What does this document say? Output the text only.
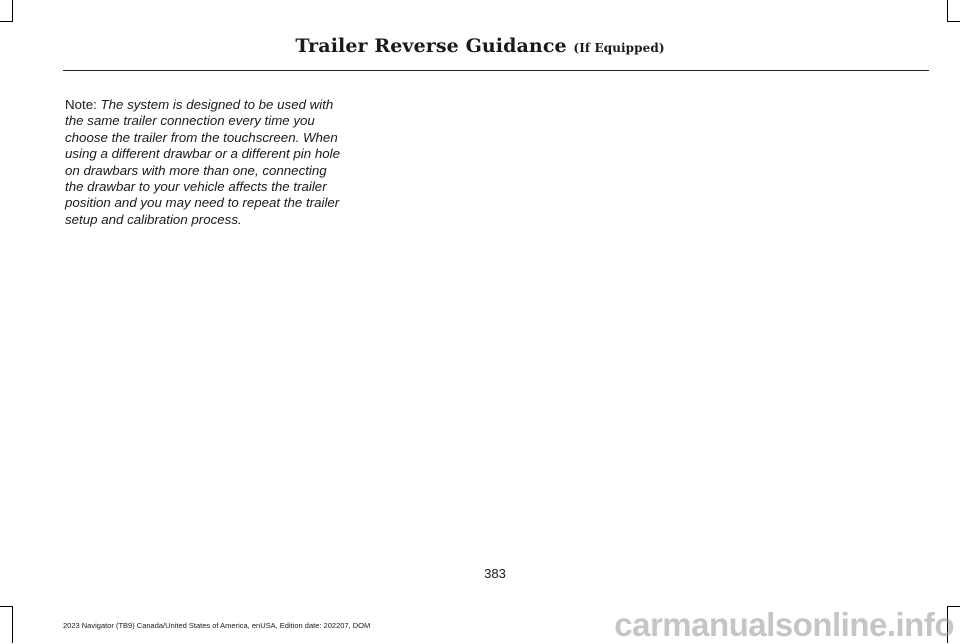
Trailer Reverse Guidance (If Equipped)

Note: The system is designed to be used with the same trailer connection every time you choose the trailer from the touchscreen. When using a different drawbar or a different pin hole on drawbars with more than one, connecting the drawbar to your vehicle affects the trailer position and you may need to repeat the trailer setup and calibration process.

383
2023 Navigator (TB9) Canada/United States of America, enUSA, Edition date: 202207, DOM	carmanualsonline.info
